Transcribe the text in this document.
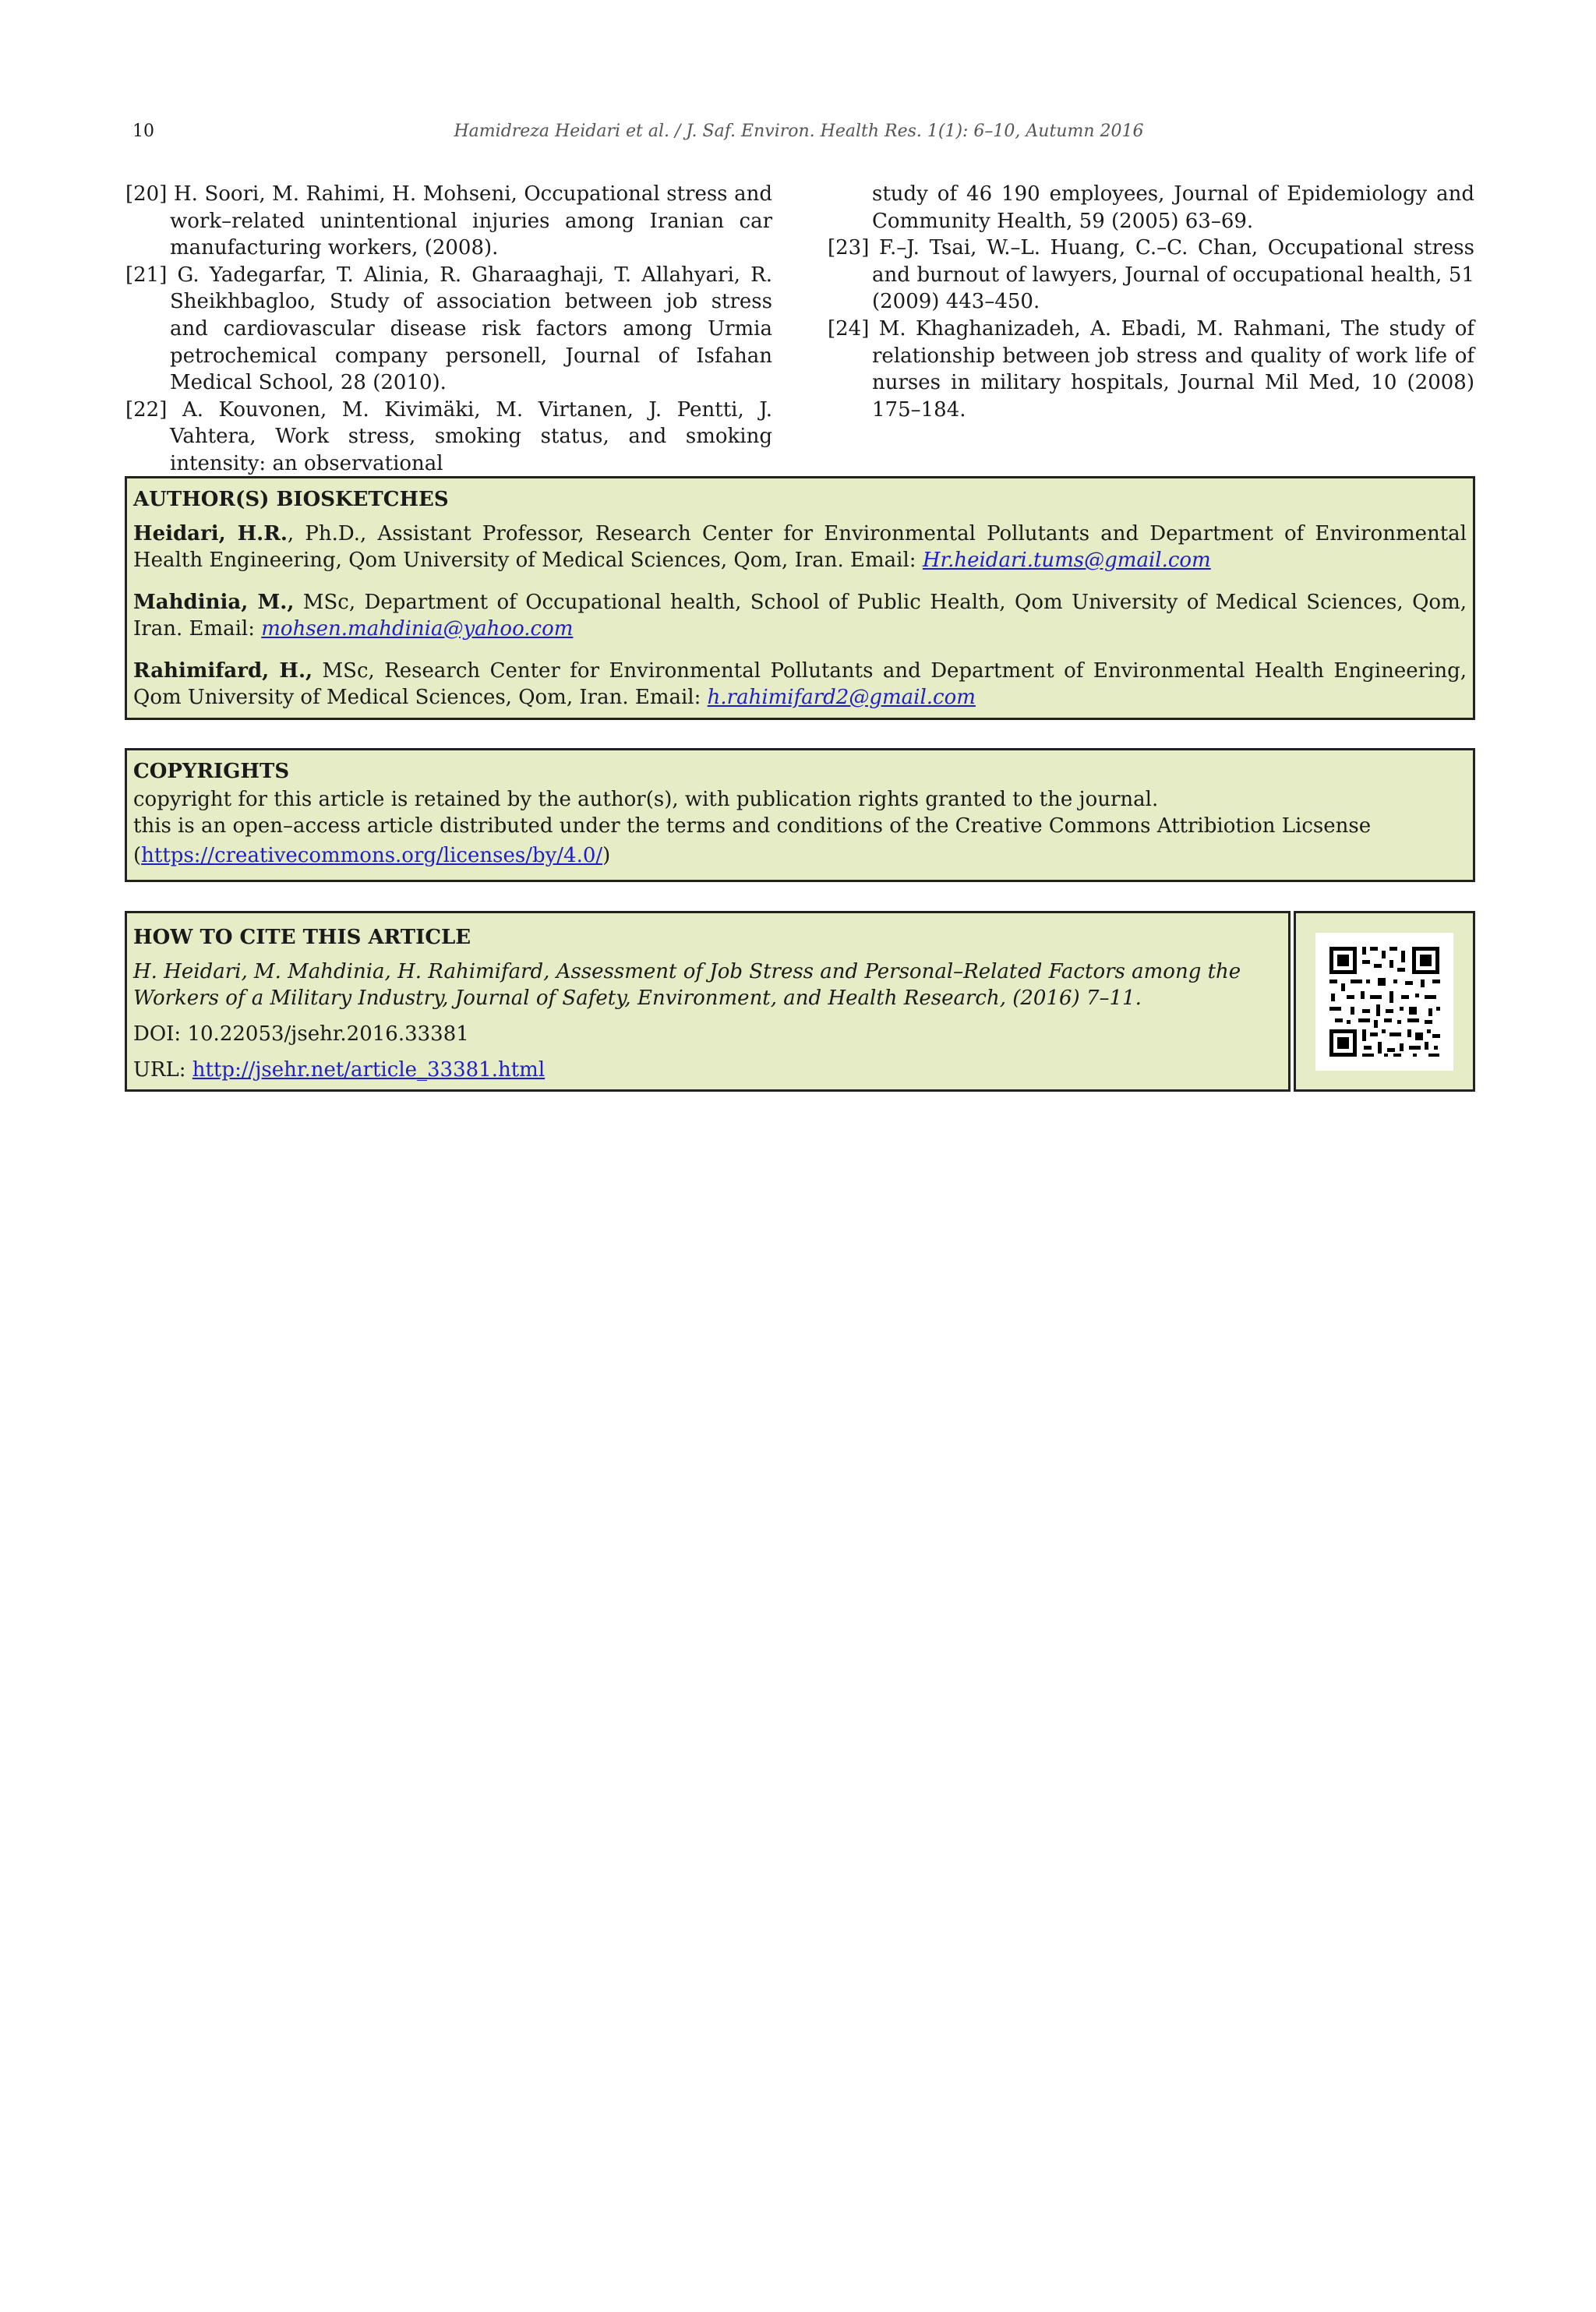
10	Hamidreza Heidari et al. / J. Saf. Environ. Health Res. 1(1): 6–10, Autumn 2016

[20] H. Soori, M. Rahimi, H. Mohseni, Occupational stress and work–related unintentional injuries among Iranian car manufacturing workers, (2008).

[21] G. Yadegarfar, T. Alinia, R. Gharaaghaji, T. Allahyari, R. Sheikhbagloo, Study of association between job stress and cardiovascular disease risk factors among Urmia petrochemical company personell, Journal of Isfahan Medical School, 28 (2010).

[22] A. Kouvonen, M. Kivimäki, M. Virtanen, J. Pentti, J. Vahtera, Work stress, smoking status, and smoking intensity: an observational

study of 46 190 employees, Journal of Epidemiology and Community Health, 59 (2005) 63–69.

[23] F.–J. Tsai, W.–L. Huang, C.–C. Chan, Occupational stress and burnout of lawyers, Journal of occupational health, 51 (2009) 443–450.

[24] M. Khaghanizadeh, A. Ebadi, M. Rahmani, The study of relationship between job stress and quality of work life of nurses in military hospitals, Journal Mil Med, 10 (2008) 175–184.

AUTHOR(S) BIOSKETCHES

Heidari, H.R., Ph.D., Assistant Professor, Research Center for Environmental Pollutants and Department of Environmental Health Engineering, Qom University of Medical Sciences, Qom, Iran. Email: Hr.heidari.tums@gmail.com

Mahdinia, M., MSc, Department of Occupational health, School of Public Health, Qom University of Medical Sciences, Qom, Iran. Email: mohsen.mahdinia@yahoo.com

Rahimifard, H., MSc, Research Center for Environmental Pollutants and Department of Environmental Health Engineering, Qom University of Medical Sciences, Qom, Iran. Email: h.rahimifard2@gmail.com

COPYRIGHTS
copyright for this article is retained by the author(s), with publication rights granted to the journal.
this is an open–access article distributed under the terms and conditions of the Creative Commons Attribiotion Licsense
(https://creativecommons.org/licenses/by/4.0/)
HOW TO CITE THIS ARTICLE

H. Heidari, M. Mahdinia, H. Rahimifard, Assessment of Job Stress and Personal–Related Factors among the Workers of a Military Industry, Journal of Safety, Environment, and Health Research, (2016) 7–11.

DOI: 10.22053/jsehr.2016.33381
URL: http://jsehr.net/article_33381.html
